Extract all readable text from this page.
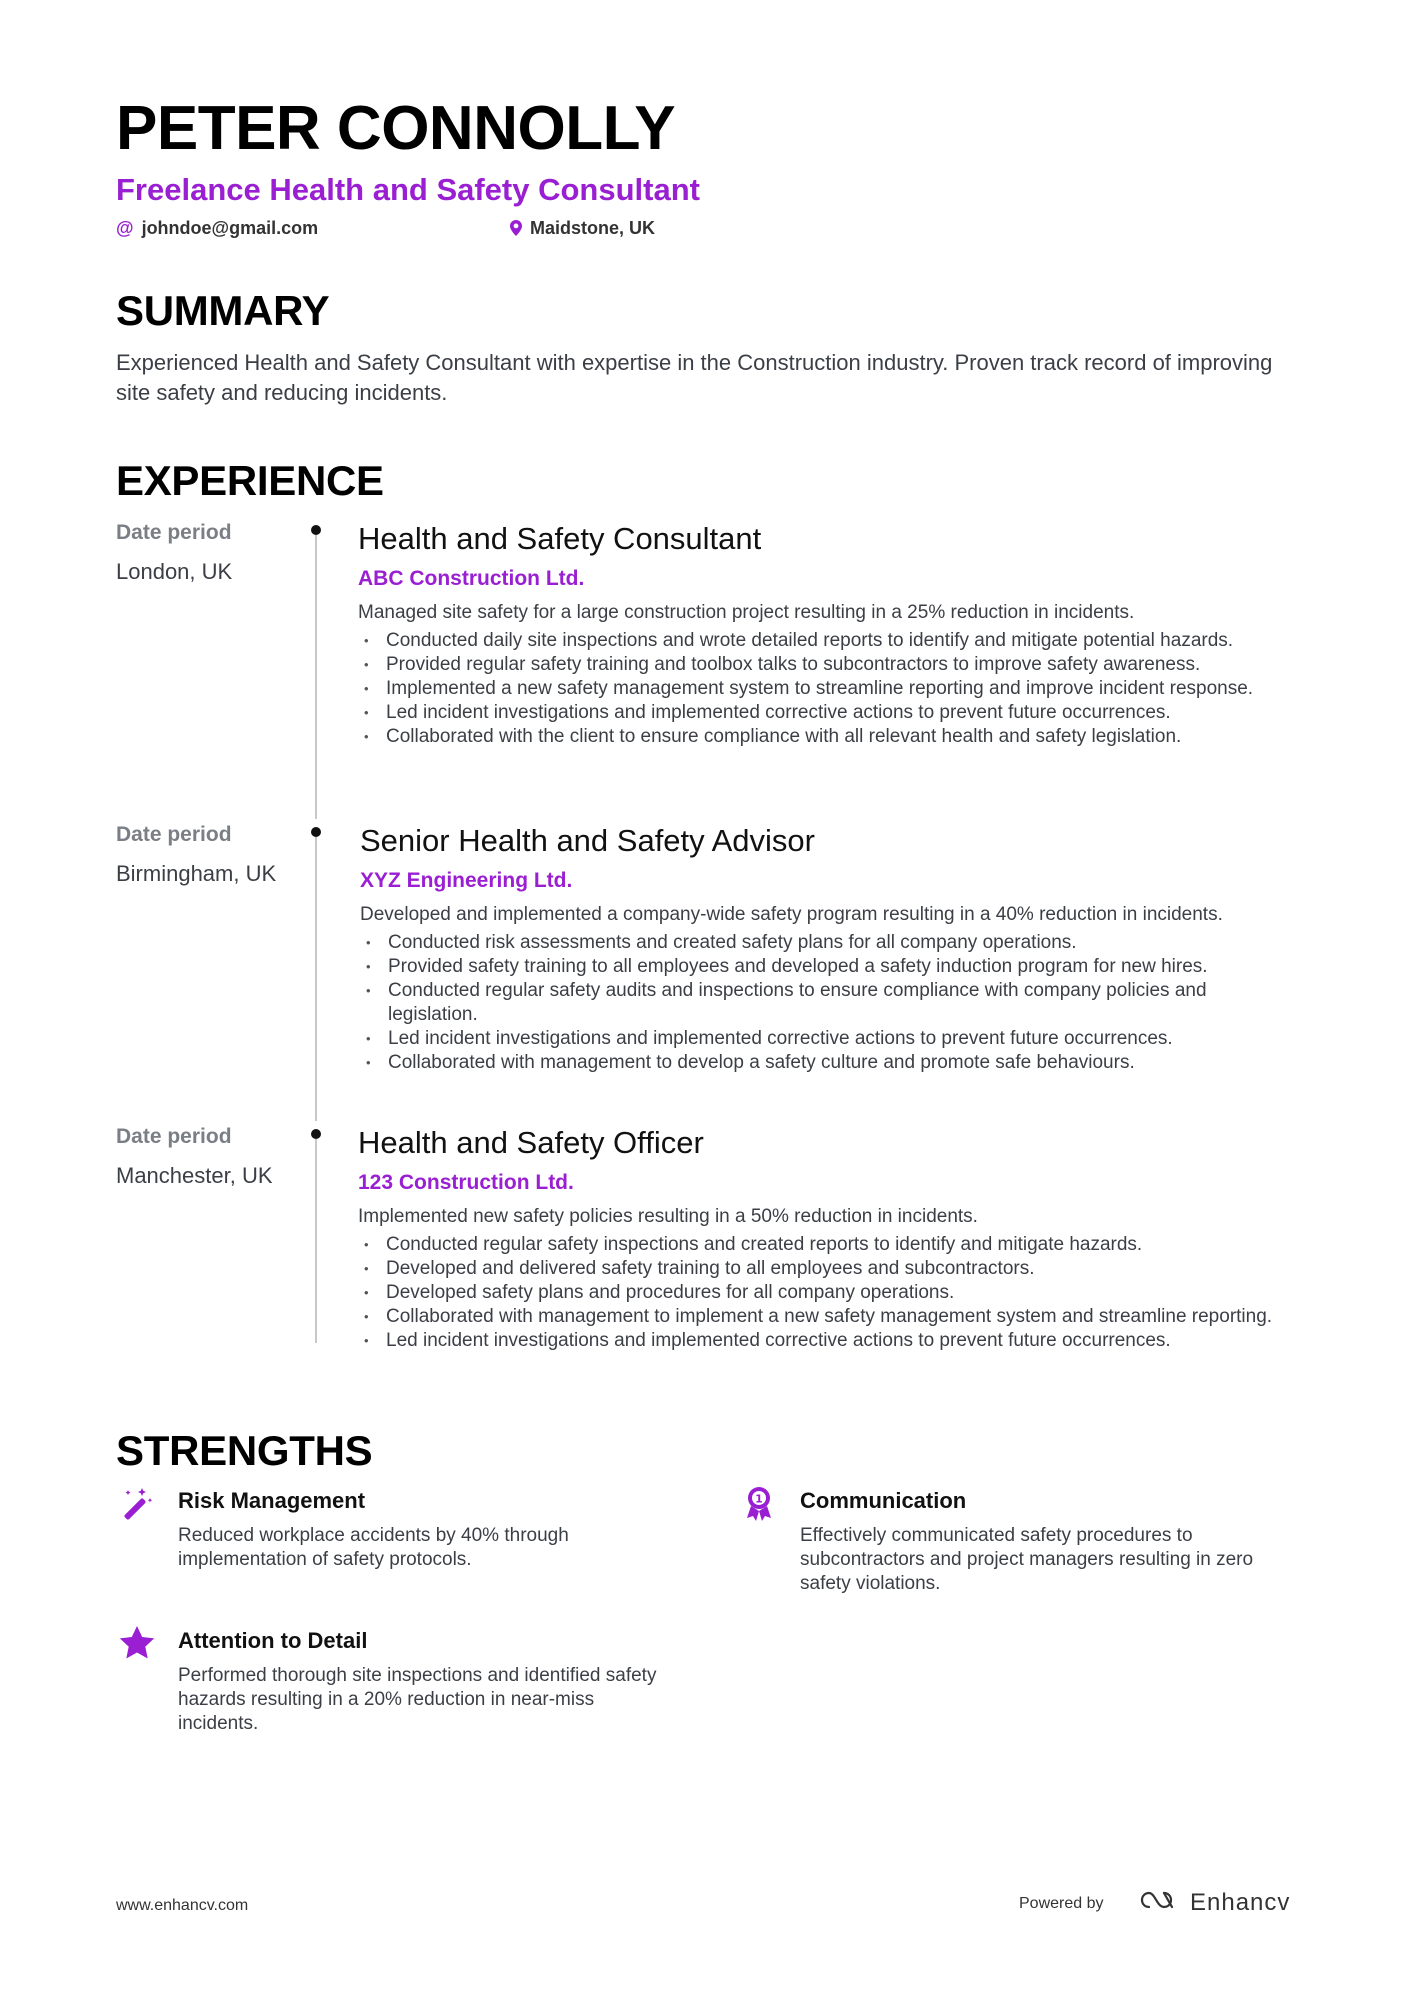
PETER CONNOLLY
Freelance Health and Safety Consultant
@ johndoe@gmail.com	Maidstone, UK
SUMMARY
Experienced Health and Safety Consultant with expertise in the Construction industry. Proven track record of improving site safety and reducing incidents.
EXPERIENCE
Date period
London, UK
Health and Safety Consultant
ABC Construction Ltd.
Managed site safety for a large construction project resulting in a 25% reduction in incidents.
• Conducted daily site inspections and wrote detailed reports to identify and mitigate potential hazards.
• Provided regular safety training and toolbox talks to subcontractors to improve safety awareness.
• Implemented a new safety management system to streamline reporting and improve incident response.
• Led incident investigations and implemented corrective actions to prevent future occurrences.
• Collaborated with the client to ensure compliance with all relevant health and safety legislation.
Date period
Birmingham, UK
Senior Health and Safety Advisor
XYZ Engineering Ltd.
Developed and implemented a company-wide safety program resulting in a 40% reduction in incidents.
• Conducted risk assessments and created safety plans for all company operations.
• Provided safety training to all employees and developed a safety induction program for new hires.
• Conducted regular safety audits and inspections to ensure compliance with company policies and legislation.
• Led incident investigations and implemented corrective actions to prevent future occurrences.
• Collaborated with management to develop a safety culture and promote safe behaviours.
Date period
Manchester, UK
Health and Safety Officer
123 Construction Ltd.
Implemented new safety policies resulting in a 50% reduction in incidents.
• Conducted regular safety inspections and created reports to identify and mitigate hazards.
• Developed and delivered safety training to all employees and subcontractors.
• Developed safety plans and procedures for all company operations.
• Collaborated with management to implement a new safety management system and streamline reporting.
• Led incident investigations and implemented corrective actions to prevent future occurrences.
STRENGTHS
Risk Management
Reduced workplace accidents by 40% through implementation of safety protocols.
1 Communication
Effectively communicated safety procedures to subcontractors and project managers resulting in zero safety violations.
Attention to Detail
Performed thorough site inspections and identified safety hazards resulting in a 20% reduction in near-miss incidents.
www.enhancv.com	Powered by	Enhancv
